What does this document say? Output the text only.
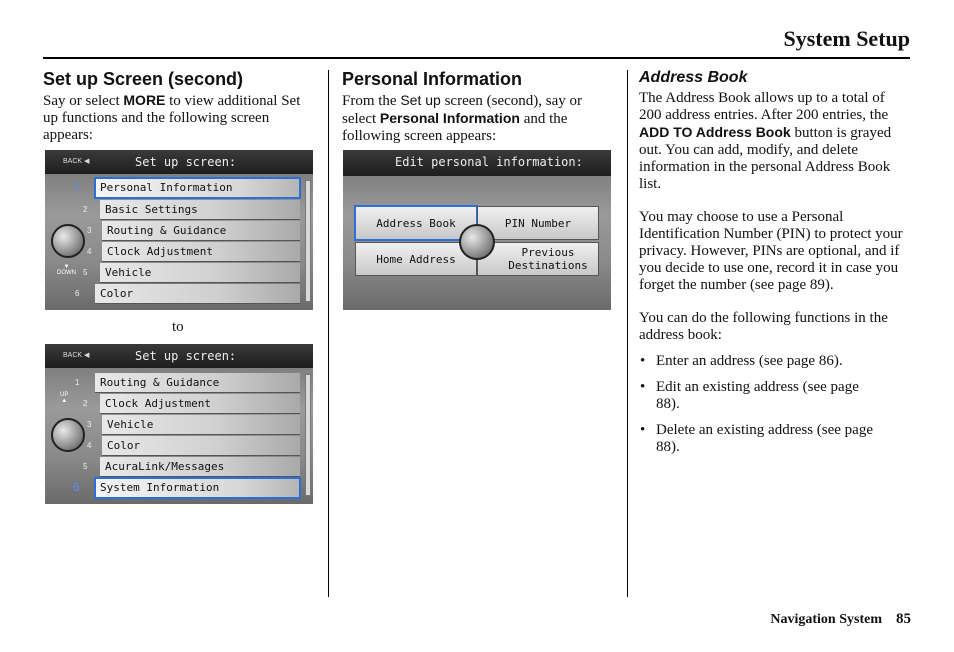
System Setup
Set up Screen (second)

Say or select MORE to view additional Set up functions and the following screen appears:

BACK ◀	Set up screen:
1
2
3
4
5
6
Personal Information
Basic Settings
Routing & Guidance
Clock Adjustment
Vehicle
Color
▼
DOWN
to
BACK ◀	Set up screen:
1
2
3
4
5
6
Routing & Guidance
Clock Adjustment
Vehicle
Color
AcuraLink/Messages
System Information
UP
▲
Personal Information

From the Set up screen (second), say or select Personal Information and the following screen appears:

Edit personal information:
Address Book
Home Address
PIN Number
Previous Destinations
Address Book

The Address Book allows up to a total of 200 address entries. After 200 entries, the ADD TO Address Book button is grayed out. You can add, modify, and delete information in the personal Address Book list.

You may choose to use a Personal Identification Number (PIN) to protect your privacy. However, PINs are optional, and if you decide to use one, record it in case you forget the number (see page 89).

You can do the following functions in the address book:

• Enter an address (see page 86).
• Edit an existing address (see page 88).
• Delete an existing address (see page 88).
Navigation System 85
